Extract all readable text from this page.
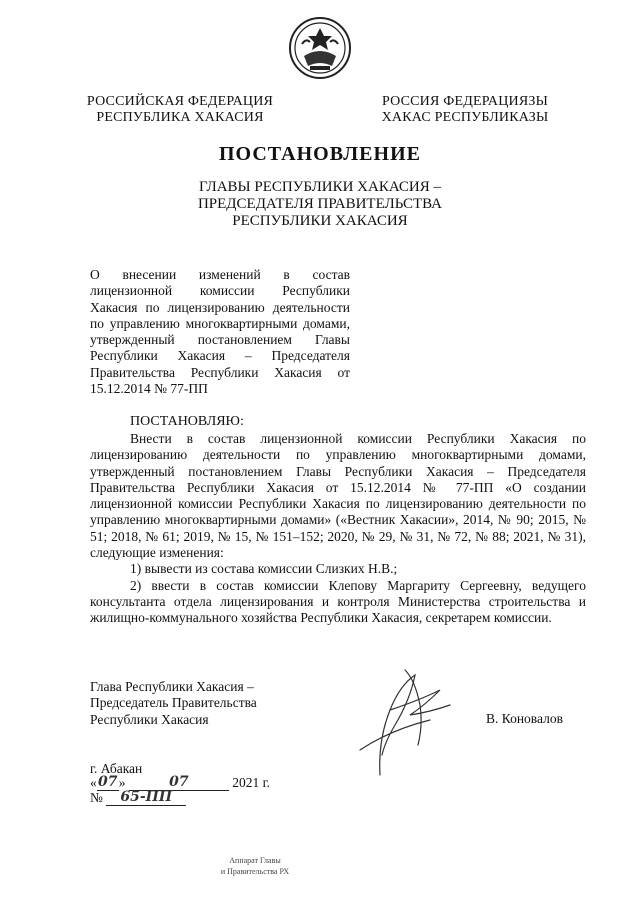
РОССИЙСКАЯ ФЕДЕРАЦИЯ
РЕСПУБЛИКА ХАКАСИЯ
РОССИЯ ФЕДЕРАЦИЯЗЫ
ХАКАС РЕСПУБЛИКАЗЫ
ПОСТАНОВЛЕНИЕ
ГЛАВЫ РЕСПУБЛИКИ ХАКАСИЯ –
ПРЕДСЕДАТЕЛЯ ПРАВИТЕЛЬСТВА
РЕСПУБЛИКИ ХАКАСИЯ
О внесении изменений в состав лицензионной комиссии Республики Хакасия по лицензированию деятельности по управлению многоквартирными домами, утвержденный постановлением Главы Республики Хакасия – Председателя Правительства Республики Хакасия от 15.12.2014 № 77-ПП
ПОСТАНОВЛЯЮ:

Внести в состав лицензионной комиссии Республики Хакасия по лицензированию деятельности по управлению многоквартирными домами, утвержденный постановлением Главы Республики Хакасия – Председателя Правительства Республики Хакасия от 15.12.2014 № 77-ПП «О создании лицензионной комиссии Республики Хакасия по лицензированию деятельности по управлению многоквартирными домами» («Вестник Хакасии», 2014, № 90; 2015, № 51; 2018, № 61; 2019, № 15, № 151–152; 2020, № 29, № 31, № 72, № 88; 2021, № 31), следующие изменения:

1) вывести из состава комиссии Слизких Н.В.;

2) ввести в состав комиссии Клепову Маргариту Сергеевну, ведущего консультанта отдела лицензирования и контроля Министерства строительства и жилищно-коммунального хозяйства Республики Хакасия, секретарем комиссии.

Глава Республики Хакасия –
Председатель Правительства
Республики Хакасия	В. Коновалов
г. Абакан
«07»	07	2021 г.
№ 65-ПП
Аппарат Главы
и Правительства РХ
